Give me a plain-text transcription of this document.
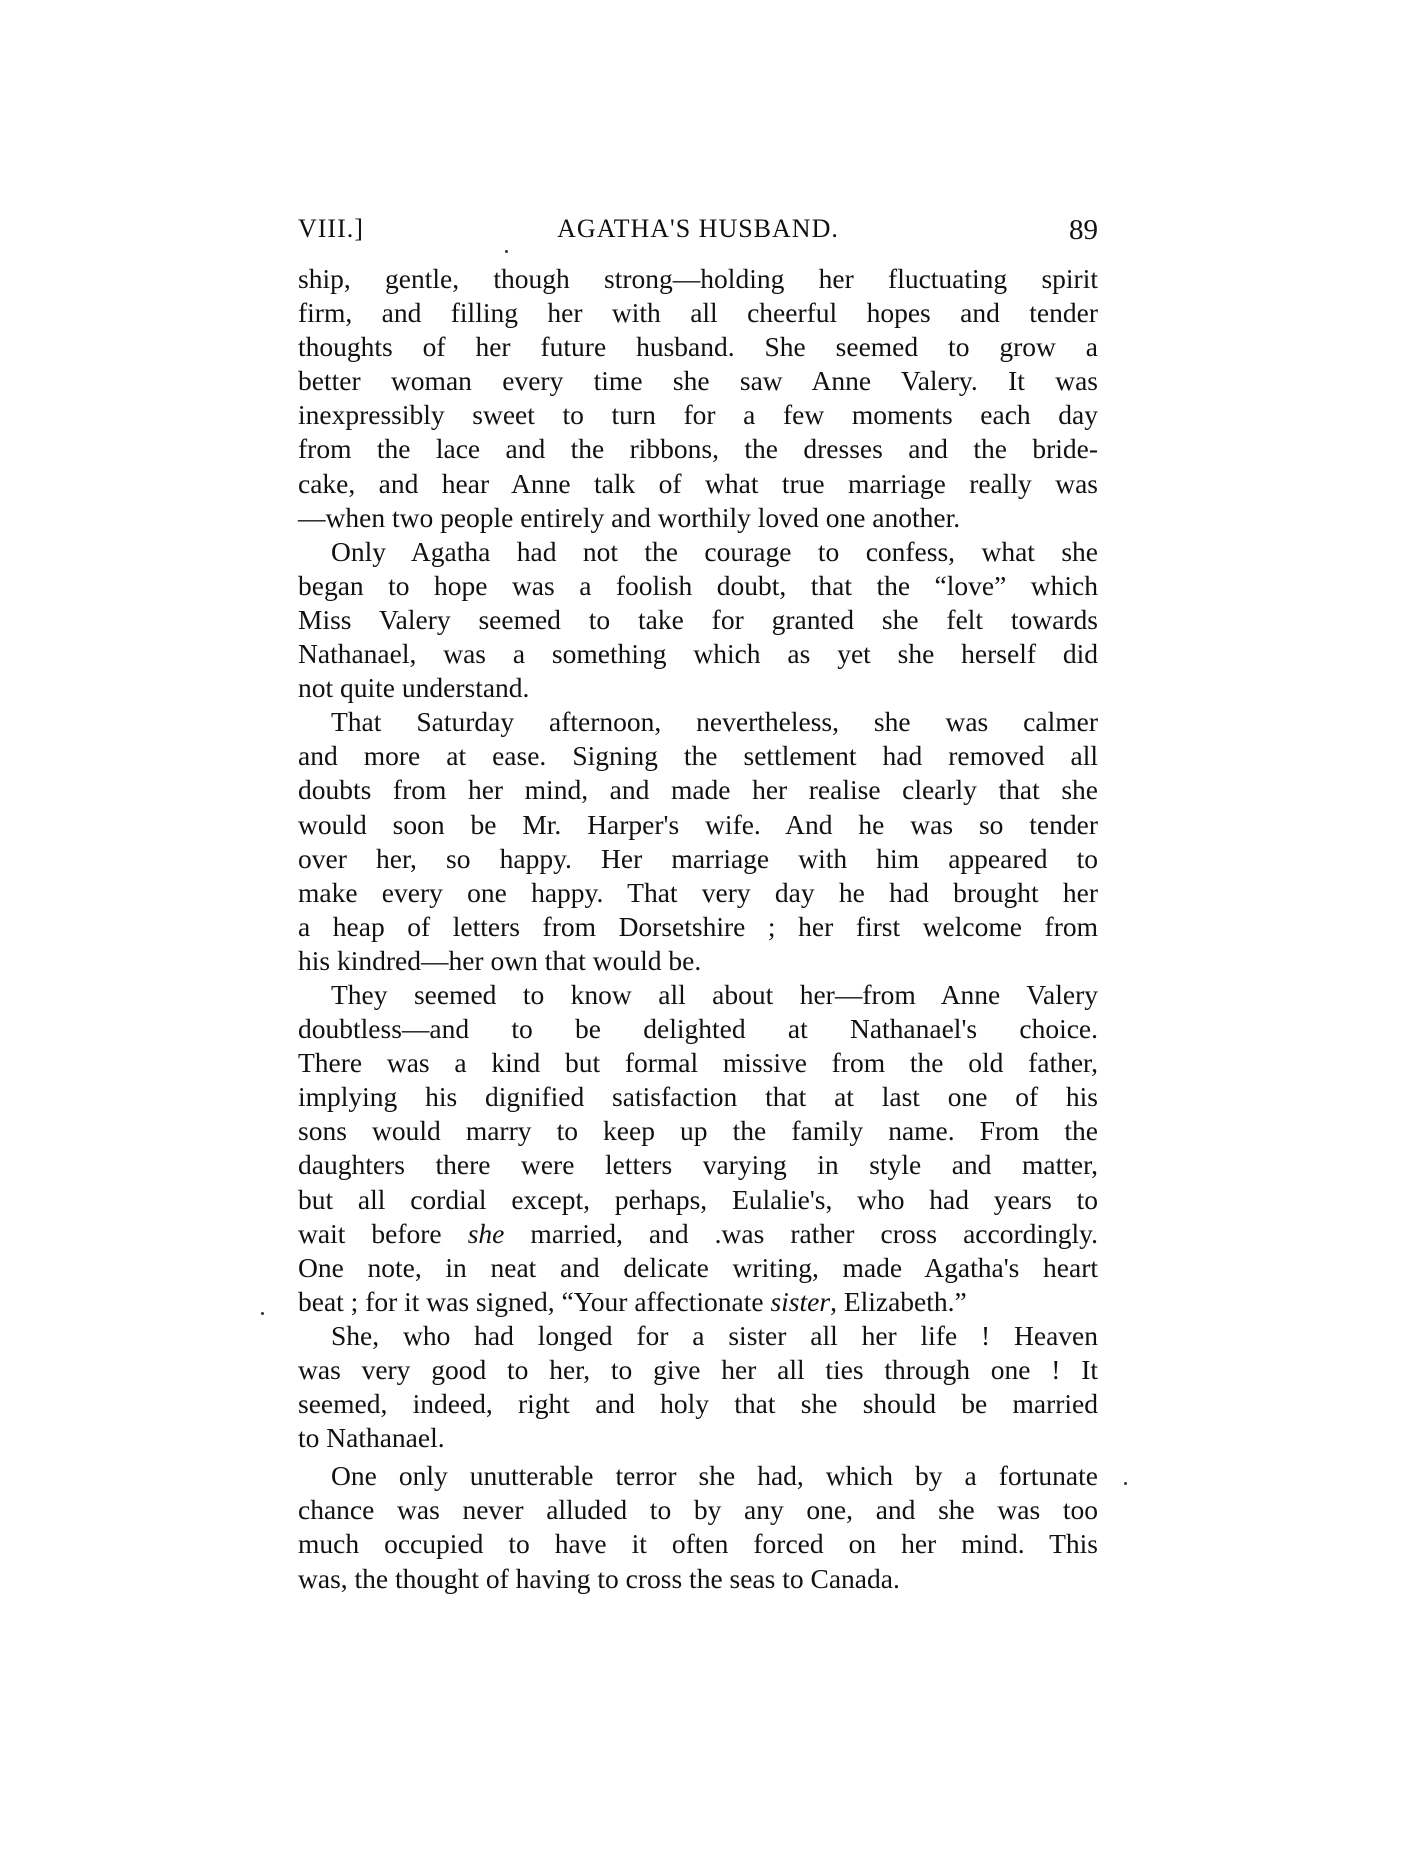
VIII.]	AGATHA'S HUSBAND.	89
ship, gentle, though strong—holding her fluctuating spirit
firm, and filling her with all cheerful hopes and tender
thoughts of her future husband. She seemed to grow a
better woman every time she saw Anne Valery. It was
inexpressibly sweet to turn for a few moments each day
from the lace and the ribbons, the dresses and the bride-
cake, and hear Anne talk of what true marriage really was
—when two people entirely and worthily loved one another.
Only Agatha had not the courage to confess, what she
began to hope was a foolish doubt, that the “love” which
Miss Valery seemed to take for granted she felt towards
Nathanael, was a something which as yet she herself did
not quite understand.
That Saturday afternoon, nevertheless, she was calmer
and more at ease. Signing the settlement had removed all
doubts from her mind, and made her realise clearly that she
would soon be Mr. Harper's wife. And he was so tender
over her, so happy. Her marriage with him appeared to
make every one happy. That very day he had brought her
a heap of letters from Dorsetshire ; her first welcome from
his kindred—her own that would be.
They seemed to know all about her—from Anne Valery
doubtless—and to be delighted at Nathanael's choice.
There was a kind but formal missive from the old father,
implying his dignified satisfaction that at last one of his
sons would marry to keep up the family name. From the
daughters there were letters varying in style and matter,
but all cordial except, perhaps, Eulalie's, who had years to
wait before she married, and .was rather cross accordingly.
One note, in neat and delicate writing, made Agatha's heart
beat ; for it was signed, “Your affectionate sister, Elizabeth.”
She, who had longed for a sister all her life ! Heaven
was very good to her, to give her all ties through one ! It
seemed, indeed, right and holy that she should be married
to Nathanael.
One only unutterable terror she had, which by a fortunate
chance was never alluded to by any one, and she was too
much occupied to have it often forced on her mind. This
was, the thought of having to cross the seas to Canada.
